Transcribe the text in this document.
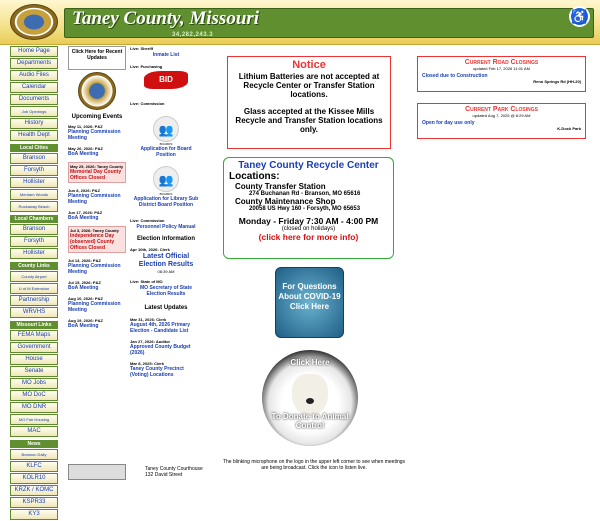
Taney County, Missouri
34,282,243.3
♿
Home Page
Departments
Audio Files
Calendar
Documents
Job Openings
History
Health Dept
Local Cities
Branson
Forsyth
Hollister
Merriam Woods
Rockaway Beach
Local Chambers
Branson
Forsyth
Hollister
County Links
County Airport
U of M Extension
Partnership
WRVHS
Missouri Links
FEMA Maps
Government
House
Senate
MO Jobs
MO DoC
MO DNR
MO Fair Housing
MAC
News
Branson Daily
KLFC
KOLR10
KRZK / KOMC
KSPR33
KY3
Click Here for Recent Updates
Upcoming Events
May 11, 2026: P&Z
Planning Commission Meeting
May 26, 2026: P&Z
BoA Meeting
May 25, 2026: Taney County
Memorial Day County Offices Closed
Jun 8, 2026: P&Z
Planning Commission Meeting
Jun 17, 2026: P&Z
BoA Meeting
Jul 3, 2026: Taney County
Independence Day (observed) County Offices Closed
Jul 13, 2026: P&Z
Planning Commission Meeting
Jul 15, 2026: P&Z
BoA Meeting
Aug 10, 2026: P&Z
Planning Commission Meeting
Aug 19, 2026: P&Z
BoA Meeting
Live: Sheriff
Inmate List
Live: Purchasing
BID
Live: Commission
👥
BOARDS
Application for Board Position
👥
BOARDS
Application for Library Sub District Board Position
Live: Commission
Personnel Policy Manual
Election Information
Apr 10th, 2026: Clerk
Latest Official Election Results
08:39 AM
Live: State of MO
MO Secretary of State Election Results
Latest Updates
Mar 31, 2026: Clerk
August 4th, 2026 Primary Election - Candidate List
Jan 27, 2026: Auditor
Approved County Budget (2026)
Mar 8, 2025: Clerk
Taney County Precinct (Voting) Locations
Notice
Lithium Batteries are not accepted at Recycle Center or Transfer Station locations.
Glass accepted at the Kissee Mills Recycle and Transfer Station locations only.
Taney County Recycle Center
Locations:
County Transfer Station
274 Buchanan Rd - Branson, MO 65616
County Maintenance Shop
20058 US Hwy 160 - Forsyth, MO 65653
Monday - Friday 7:30 AM - 4:00 PM
(closed on holidays)
(click here for more info)
For Questions About COVID-19 Click Here
Click Here
To Donate to Animal Control
Current Road Closings
updated Feb 17, 2026 11:01 AM
Closed due to Construction
Reno Springs Rd (HH-20)
Current Park Closings
updated Aug 7, 2025 @ 8:29 AM
Open for day use only
K-Dock Park
Taney County Courthouse
132 David Street
The blinking microphone on the logo in the upper left corner to see when meetings are being broadcast. Click the icon to listen live.
